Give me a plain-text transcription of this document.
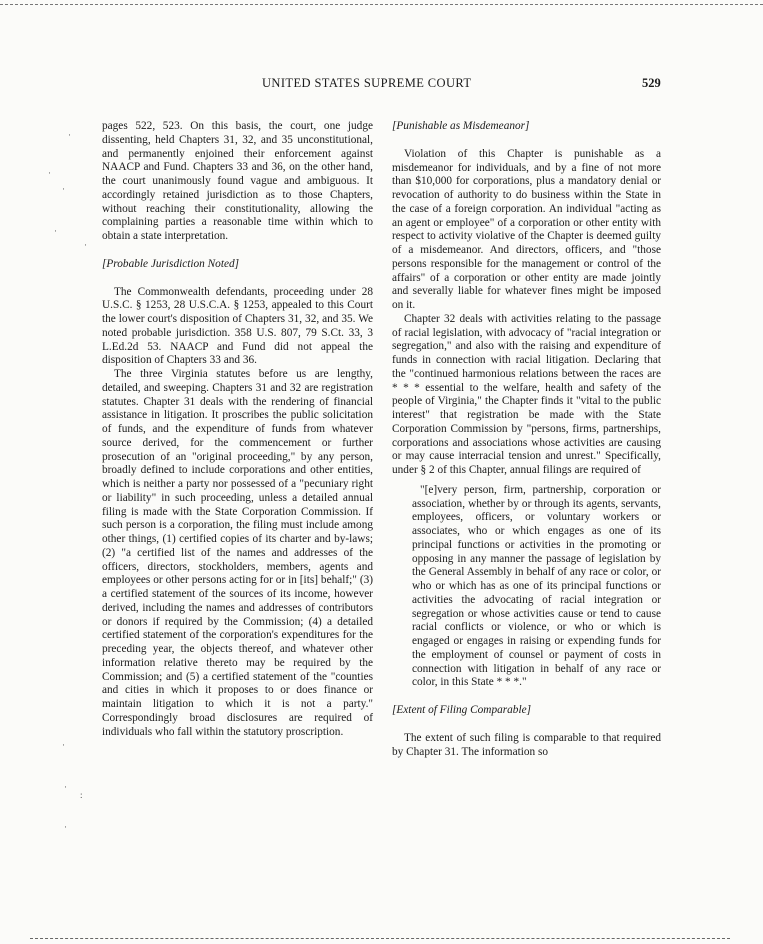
UNITED STATES SUPREME COURT	529
·
·
·
·
·
·
·
:
·

pages 522, 523. On this basis, the court, one judge dissenting, held Chapters 31, 32, and 35 unconstitutional, and permanently enjoined their enforcement against NAACP and Fund. Chapters 33 and 36, on the other hand, the court unanimously found vague and ambiguous. It accordingly retained jurisdiction as to those Chapters, without reaching their constitutionality, allowing the complaining parties a reasonable time within which to obtain a state interpretation.

[Probable Jurisdiction Noted]

The Commonwealth defendants, proceeding under 28 U.S.C. § 1253, 28 U.S.C.A. § 1253, appealed to this Court the lower court's disposition of Chapters 31, 32, and 35. We noted probable jurisdiction. 358 U.S. 807, 79 S.Ct. 33, 3 L.Ed.2d 53. NAACP and Fund did not appeal the disposition of Chapters 33 and 36.

The three Virginia statutes before us are lengthy, detailed, and sweeping. Chapters 31 and 32 are registration statutes. Chapter 31 deals with the rendering of financial assistance in litigation. It proscribes the public solicitation of funds, and the expenditure of funds from whatever source derived, for the commencement or further prosecution of an "original proceeding," by any person, broadly defined to include corporations and other entities, which is neither a party nor possessed of a "pecuniary right or liability" in such proceeding, unless a detailed annual filing is made with the State Corporation Commission. If such person is a corporation, the filing must include among other things, (1) certified copies of its charter and by-laws; (2) "a certified list of the names and addresses of the officers, directors, stockholders, members, agents and employees or other persons acting for or in [its] behalf;" (3) a certified statement of the sources of its income, however derived, including the names and addresses of contributors or donors if required by the Commission; (4) a detailed certified statement of the corporation's expenditures for the preceding year, the objects thereof, and whatever other information relative thereto may be required by the Commission; and (5) a certified statement of the "counties and cities in which it proposes to or does finance or maintain litigation to which it is not a party." Correspondingly broad disclosures are required of individuals who fall within the statutory proscription.

[Punishable as Misdemeanor]

Violation of this Chapter is punishable as a misdemeanor for individuals, and by a fine of not more than $10,000 for corporations, plus a mandatory denial or revocation of authority to do business within the State in the case of a foreign corporation. An individual "acting as an agent or employee" of a corporation or other entity with respect to activity violative of the Chapter is deemed guilty of a misdemeanor. And directors, officers, and "those persons responsible for the management or control of the affairs" of a corporation or other entity are made jointly and severally liable for whatever fines might be imposed on it.

Chapter 32 deals with activities relating to the passage of racial legislation, with advocacy of "racial integration or segregation," and also with the raising and expenditure of funds in connection with racial litigation. Declaring that the "continued harmonious relations between the races are * * * essential to the welfare, health and safety of the people of Virginia," the Chapter finds it "vital to the public interest" that registration be made with the State Corporation Commission by "persons, firms, partnerships, corporations and associations whose activities are causing or may cause interracial tension and unrest." Specifically, under § 2 of this Chapter, annual filings are required of

"[e]very person, firm, partnership, corporation or association, whether by or through its agents, servants, employees, officers, or voluntary workers or associates, who or which engages as one of its principal functions or activities in the promoting or opposing in any manner the passage of legislation by the General Assembly in behalf of any race or color, or who or which has as one of its principal functions or activities the advocating of racial integration or segregation or whose activities cause or tend to cause racial conflicts or violence, or who or which is engaged or engages in raising or expending funds for the employment of counsel or payment of costs in connection with litigation in behalf of any race or color, in this State * * *."

[Extent of Filing Comparable]

The extent of such filing is comparable to that required by Chapter 31. The information so
